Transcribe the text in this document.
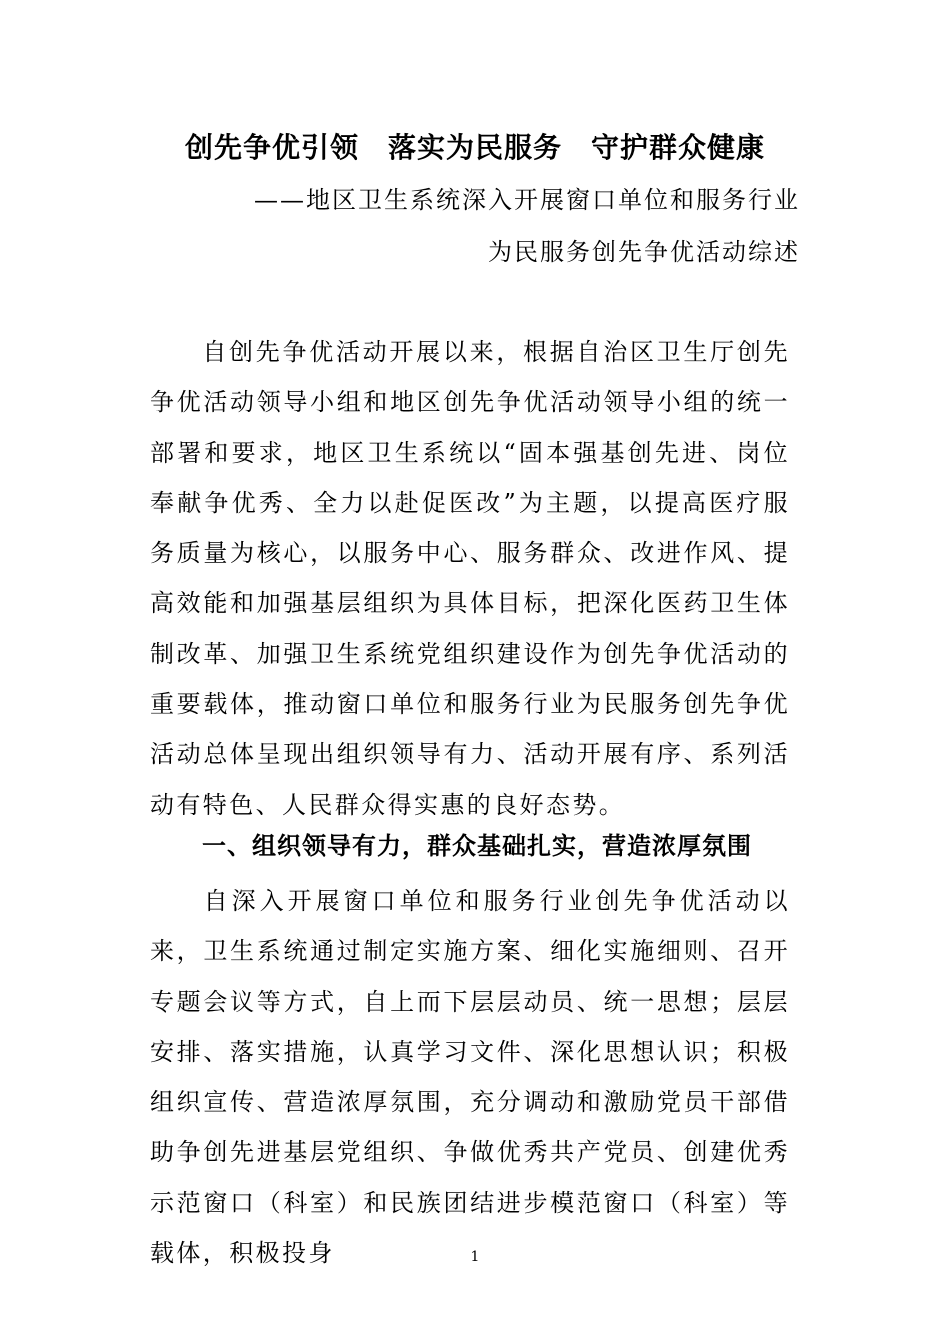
创先争优引领　落实为民服务　守护群众健康
——地区卫生系统深入开展窗口单位和服务行业
为民服务创先争优活动综述
自创先争优活动开展以来，根据自治区卫生厅创先争优活动领导小组和地区创先争优活动领导小组的统一部署和要求，地区卫生系统以“固本强基创先进、岗位奉献争优秀、全力以赴促医改”为主题，以提高医疗服务质量为核心，以服务中心、服务群众、改进作风、提高效能和加强基层组织为具体目标，把深化医药卫生体制改革、加强卫生系统党组织建设作为创先争优活动的重要载体，推动窗口单位和服务行业为民服务创先争优活动总体呈现出组织领导有力、活动开展有序、系列活动有特色、人民群众得实惠的良好态势。
一、组织领导有力，群众基础扎实，营造浓厚氛围
自深入开展窗口单位和服务行业创先争优活动以来，卫生系统通过制定实施方案、细化实施细则、召开专题会议等方式，自上而下层层动员、统一思想；层层安排、落实措施，认真学习文件、深化思想认识；积极组织宣传、营造浓厚氛围，充分调动和激励党员干部借助争创先进基层党组织、争做优秀共产党员、创建优秀示范窗口（科室）和民族团结进步模范窗口（科室）等载体，积极投身	1
